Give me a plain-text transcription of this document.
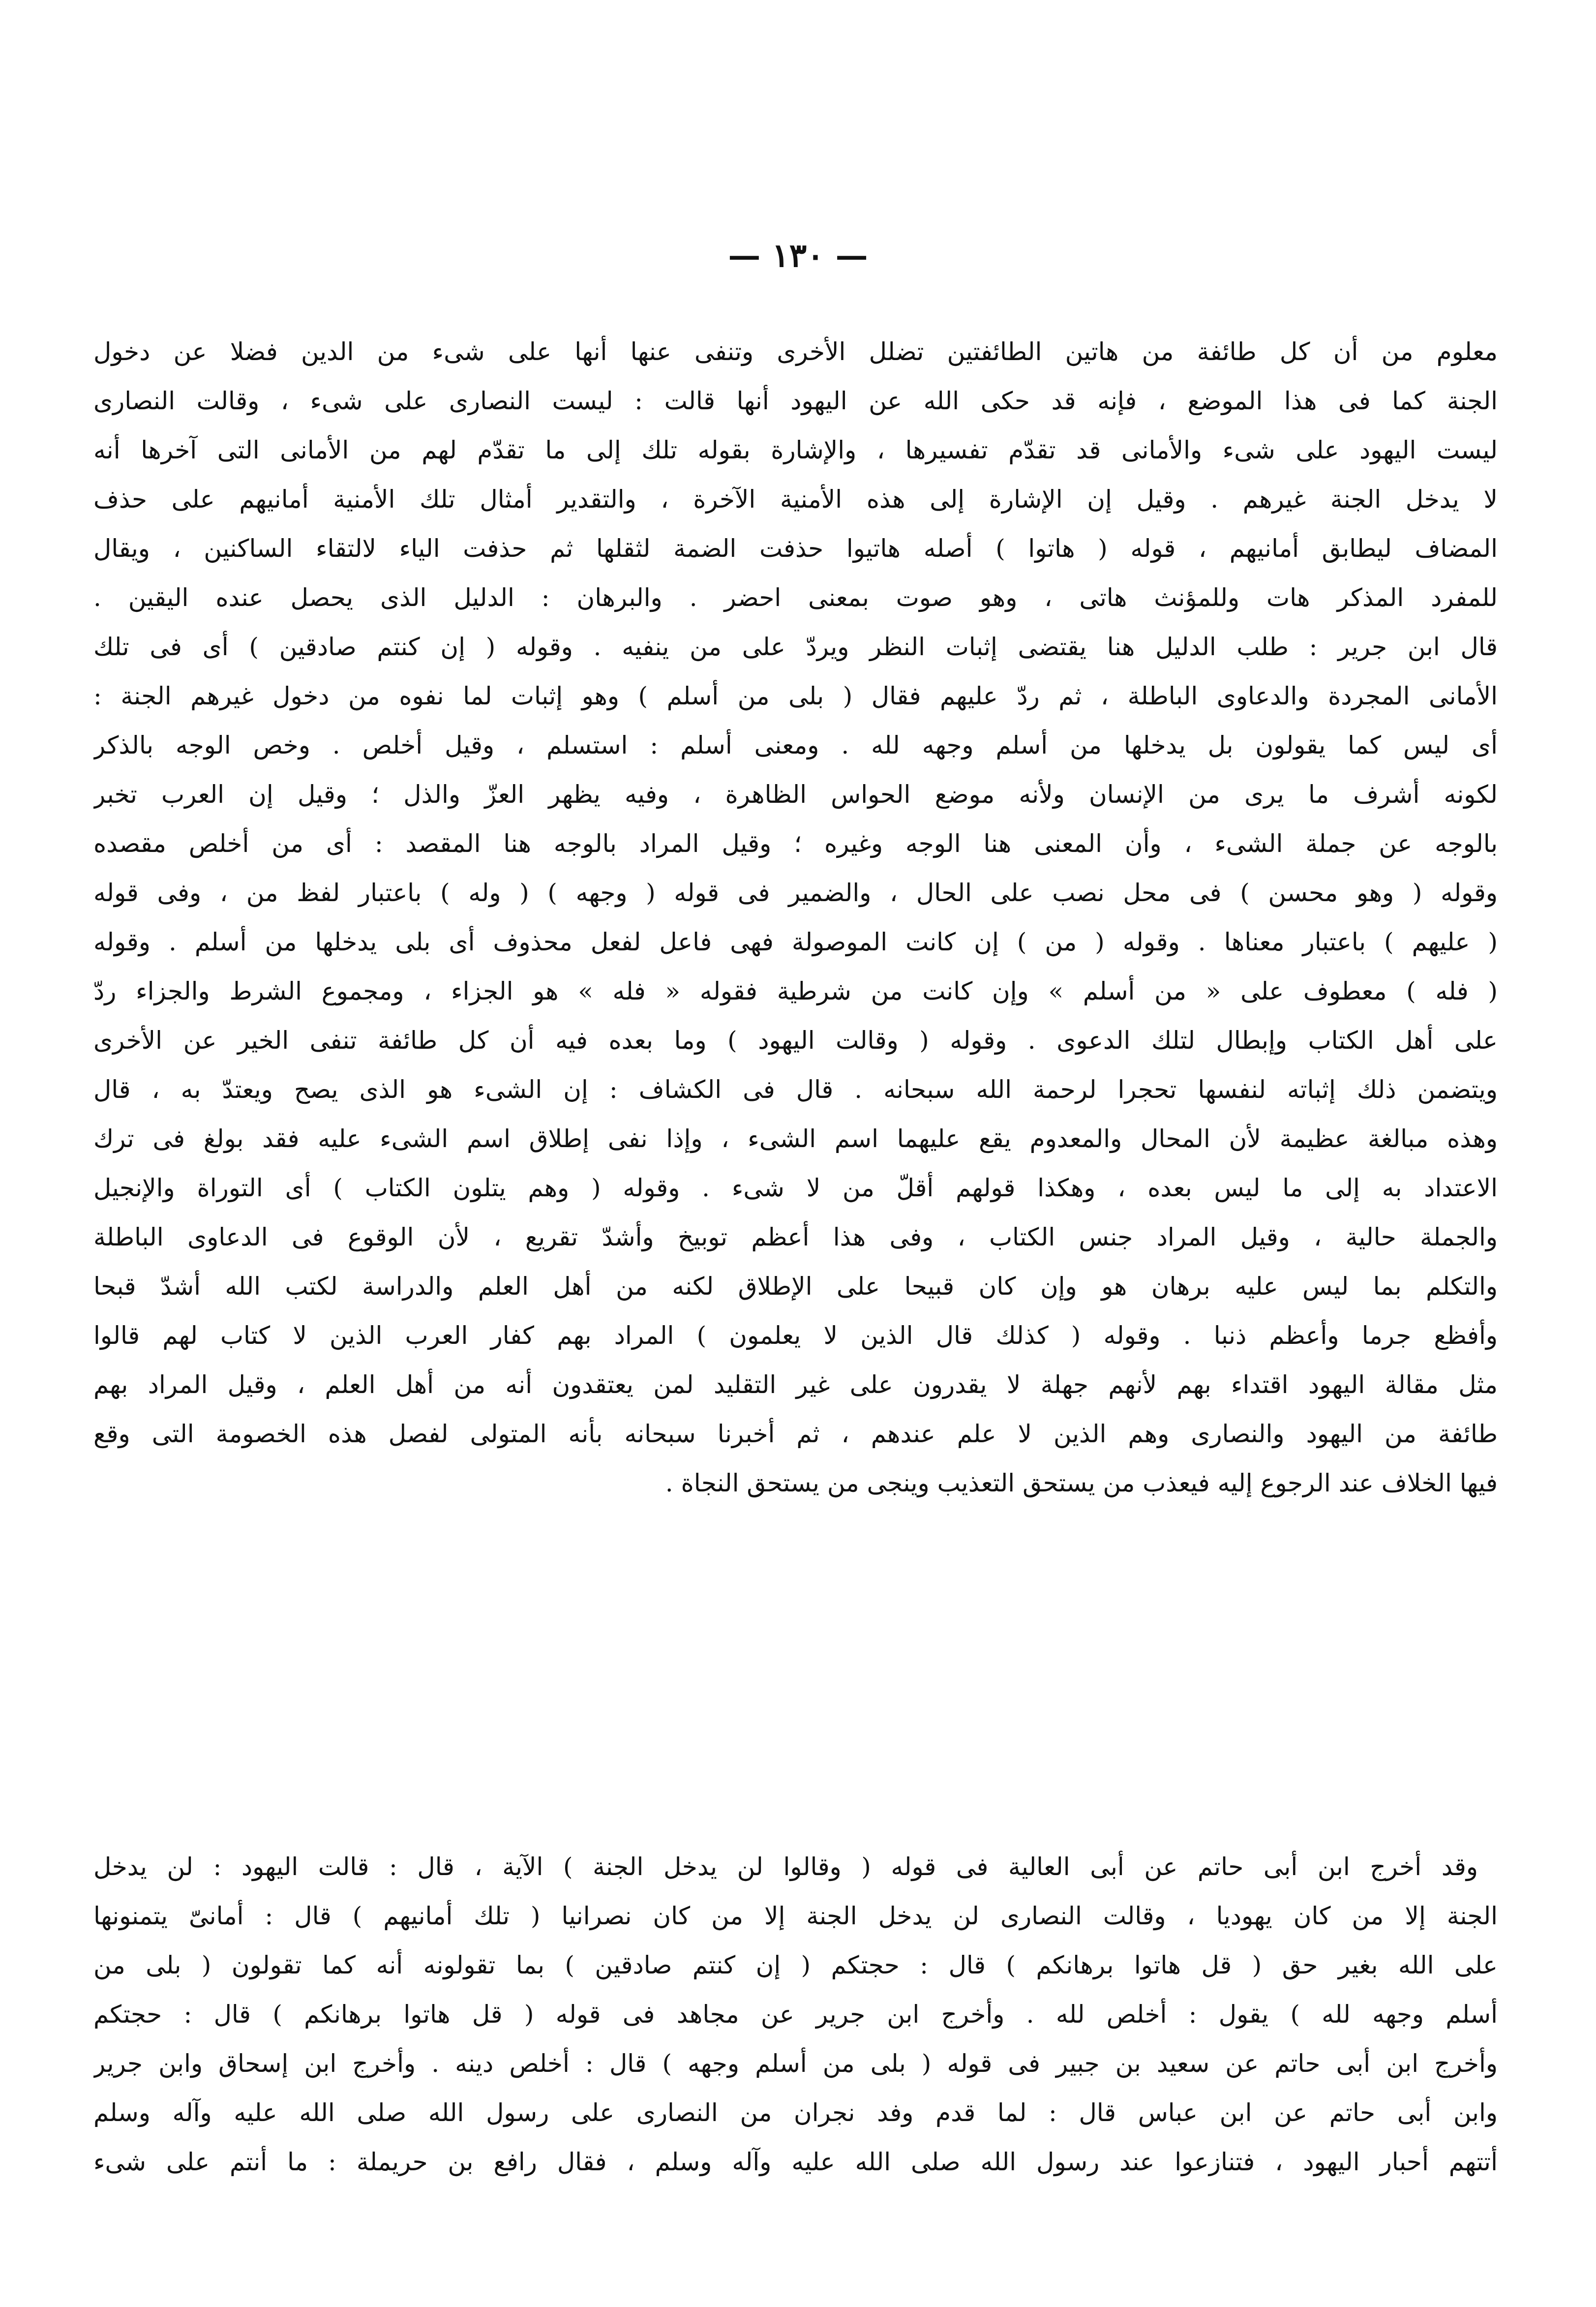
— ١٣٠ —
معلوم من أن كل طائفة من هاتين الطائفتين تضلل الأخرى وتنفى عنها أنها على شىء من الدين فضلا عن دخول
الجنة كما فى هذا الموضع ، فإنه قد حكى الله عن اليهود أنها قالت : ليست النصارى على شىء ، وقالت النصارى
ليست اليهود على شىء والأمانى قد تقدّم تفسيرها ، والإشارة بقوله تلك إلى ما تقدّم لهم من الأمانى التى آخرها أنه
لا يدخل الجنة غيرهم . وقيل إن الإشارة إلى هذه الأمنية الآخرة ، والتقدير أمثال تلك الأمنية أمانيهم على حذف
المضاف ليطابق أمانيهم ، قوله ( هاتوا ) أصله هاتيوا حذفت الضمة لثقلها ثم حذفت الياء لالتقاء الساكنين ، ويقال
للمفرد المذكر هات وللمؤنث هاتى ، وهو صوت بمعنى احضر . والبرهان : الدليل الذى يحصل عنده اليقين .
قال ابن جرير : طلب الدليل هنا يقتضى إثبات النظر ويردّ على من ينفيه . وقوله ( إن كنتم صادقين ) أى فى تلك
الأمانى المجردة والدعاوى الباطلة ، ثم ردّ عليهم فقال ( بلى من أسلم ) وهو إثبات لما نفوه من دخول غيرهم الجنة :
أى ليس كما يقولون بل يدخلها من أسلم وجهه لله . ومعنى أسلم : استسلم ، وقيل أخلص . وخص الوجه بالذكر
لكونه أشرف ما يرى من الإنسان ولأنه موضع الحواس الظاهرة ، وفيه يظهر العزّ والذل ؛ وقيل إن العرب تخبر
بالوجه عن جملة الشىء ، وأن المعنى هنا الوجه وغيره ؛ وقيل المراد بالوجه هنا المقصد : أى من أخلص مقصده
وقوله ( وهو محسن ) فى محل نصب على الحال ، والضمير فى قوله ( وجهه ) ( وله ) باعتبار لفظ من ، وفى قوله
( عليهم ) باعتبار معناها . وقوله ( من ) إن كانت الموصولة فهى فاعل لفعل محذوف أى بلى يدخلها من أسلم . وقوله
( فله ) معطوف على « من أسلم » وإن كانت من شرطية فقوله « فله » هو الجزاء ، ومجموع الشرط والجزاء ردّ
على أهل الكتاب وإبطال لتلك الدعوى . وقوله ( وقالت اليهود ) وما بعده فيه أن كل طائفة تنفى الخير عن الأخرى
ويتضمن ذلك إثباته لنفسها تحجرا لرحمة الله سبحانه . قال فى الكشاف : إن الشىء هو الذى يصح ويعتدّ به ، قال
وهذه مبالغة عظيمة لأن المحال والمعدوم يقع عليهما اسم الشىء ، وإذا نفى إطلاق اسم الشىء عليه فقد بولغ فى ترك
الاعتداد به إلى ما ليس بعده ، وهكذا قولهم أقلّ من لا شىء . وقوله ( وهم يتلون الكتاب ) أى التوراة والإنجيل
والجملة حالية ، وقيل المراد جنس الكتاب ، وفى هذا أعظم توبيخ وأشدّ تقريع ، لأن الوقوع فى الدعاوى الباطلة
والتكلم بما ليس عليه برهان هو وإن كان قبيحا على الإطلاق لكنه من أهل العلم والدراسة لكتب الله أشدّ قبحا
وأفظع جرما وأعظم ذنبا . وقوله ( كذلك قال الذين لا يعلمون ) المراد بهم كفار العرب الذين لا كتاب لهم قالوا
مثل مقالة اليهود اقتداء بهم لأنهم جهلة لا يقدرون على غير التقليد لمن يعتقدون أنه من أهل العلم ، وقيل المراد بهم
طائفة من اليهود والنصارى وهم الذين لا علم عندهم ، ثم أخبرنا سبحانه بأنه المتولى لفصل هذه الخصومة التى وقع
فيها الخلاف عند الرجوع إليه فيعذب من يستحق التعذيب وينجى من يستحق النجاة .
وقد أخرج ابن أبى حاتم عن أبى العالية فى قوله ( وقالوا لن يدخل الجنة ) الآية ، قال : قالت اليهود : لن يدخل
الجنة إلا من كان يهوديا ، وقالت النصارى لن يدخل الجنة إلا من كان نصرانيا ( تلك أمانيهم ) قال : أمانىّ يتمنونها
على الله بغير حق ( قل هاتوا برهانكم ) قال : حجتكم ( إن كنتم صادقين ) بما تقولونه أنه كما تقولون ( بلى من
أسلم وجهه لله ) يقول : أخلص لله . وأخرج ابن جرير عن مجاهد فى قوله ( قل هاتوا برهانكم ) قال : حجتكم
وأخرج ابن أبى حاتم عن سعيد بن جبير فى قوله ( بلى من أسلم وجهه ) قال : أخلص دينه . وأخرج ابن إسحاق وابن جرير
وابن أبى حاتم عن ابن عباس قال : لما قدم وفد نجران من النصارى على رسول الله صلى الله عليه وآله وسلم
أتتهم أحبار اليهود ، فتنازعوا عند رسول الله صلى الله عليه وآله وسلم ، فقال رافع بن حريملة : ما أنتم على شىء
